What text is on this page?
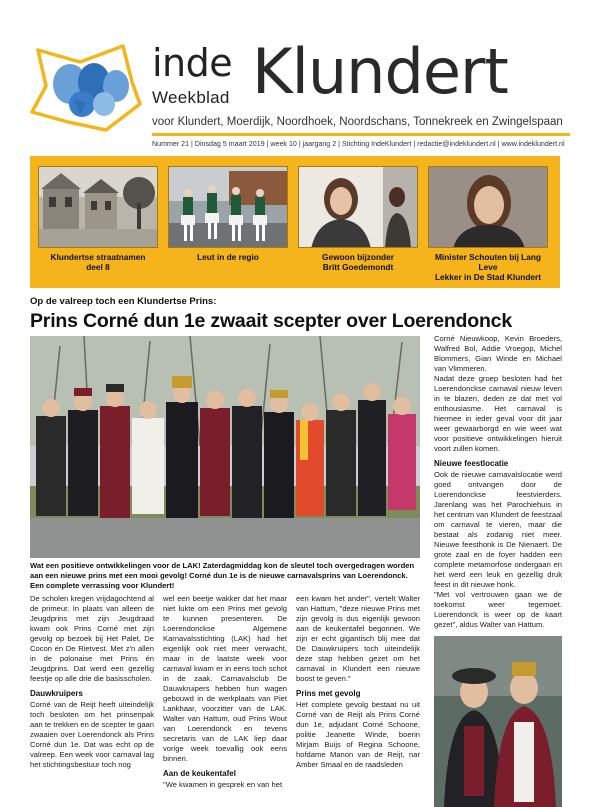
inde
Weekblad Klundert
voor Klundert, Moerdijk, Noordhoek, Noordschans, Tonnekreek en Zwingelspaan
Nummer 21 | Dinsdag 5 maart 2019 | week 10 | jaargang 2 | Stichting IndeKlundert | redactie@indeklundert.nl | www.indeklundert.nl
Klundertse straatnamen
deel 8
Leut in de regio	Gewoon bijzonder
Britt Goedemondt
Minister Schouten bij Lang Leve
Lekker in De Stad Klundert
Op de valreep toch een Klundertse Prins:
Prins Corné dun 1e zwaait scepter over Loerendonck
Wat een positieve ontwikkelingen voor de LAK! Zaterdagmiddag kon de sleutel toch overgedragen worden aan een nieuwe prins met een mooi gevolg! Corné dun 1e is de nieuwe carnavalsprins van Loerendonck. Een complete verrassing voor Klundert!

Corné Nieuwkoop, Kevin Broeders, Walfred Bol, Addie Vroegop, Michel Blommers, Gian Winde en Michael van Vlimmeren.

Nadat deze groep besloten had het Loerendonckse carnaval nieuw leven in te blazen, deden ze dat met vol enthousiasme. Het carnaval is hiermee in ieder geval voor dit jaar weer gewaarborgd en wie weet wat voor positieve ontwikkelingen hieruit voort zullen komen.

Nieuwe feestlocatie

Ook de nieuwe carnavalslocatie werd goed ontvangen door de Loerendonckse feestvierders. Jarenlang was het Parochiehuis in het centrum van Klundert de feestzaal om carnaval te vieren, maar die bestaat als zodanig niet meer. Nieuwe feesthonk is De Nienaert. De grote zaal en de foyer hadden een complete metamorfose ondergaan en het werd een leuk en gezellig druk feest in dit nieuwe honk.

"Met vol vertrouwen gaan we de toekomst weer tegemoet. Loerendonck is weer op de kaart gezet", aldus Walter van Hattum.

De scholen kregen vrijdagochtend al de primeur. In plaats van alleen de Jeugdprins met zijn Jeugdraad kwam ook Prins Corné met zijn gevolg op bezoek bij Het Palet, De Cocon en De Rietvest. Met z'n allen in de polonaise met Prins én Jeugdprins. Dat werd een gezellig feestje op alle drie die basisscholen.

Dauwkruipers

Corné van de Reijt heeft uiteindelijk toch besloten om het prinsenpak aan te trekken en de scepter te gaan zwaaien over Loerendonck als Prins Corné dun 1e. Dat was echt op de valreep. Een week voor carnaval lag het stichtingsbestuur toch nog

wel een beetje wakker dat het maar niet lukte om een Prins met gevolg te kunnen presenteren. De Loerendonckse Algemene Karnavalsstichting (LAK) had het eigenlijk ook niet meer verwacht, maar in de laatste week voor carnaval kwam er in eens toch schot in de zaak. Carnavalsclub De Dauwkruipers hebben hun wagen gebouwd in de werkplaats van Piet Lankhaar, voorzitter van de LAK. Walter van Hattum, oud Prins Wout van Loerendonck en tevens secretaris van de LAK liep daar vorige week toevallig ook eens binnen.

Aan de keukentafel

"We kwamen in gesprek en van het

een kwam het ander", vertelt Walter van Hattum, "deze nieuwe Prins met zijn gevolg is dus eigenlijk gewoon aan de keukentafel begonnen. We zijn er echt gigantisch blij mee dat De Dauwkruipers toch uiteindelijk deze stap hebben gezet om het carnaval in Klundert een nieuwe boost te geven."

Prins met gevolg

Het complete gevolg bestaat nu uit Corné van de Reijt als Prins Corné dun 1e, adjudant Corné Schoone, politie Jeanette Winde, boerin Mirjam Buijs of Regina Schoone, hofdame Manon van de Reijt, nar Amber Smaal en de raadsleden
